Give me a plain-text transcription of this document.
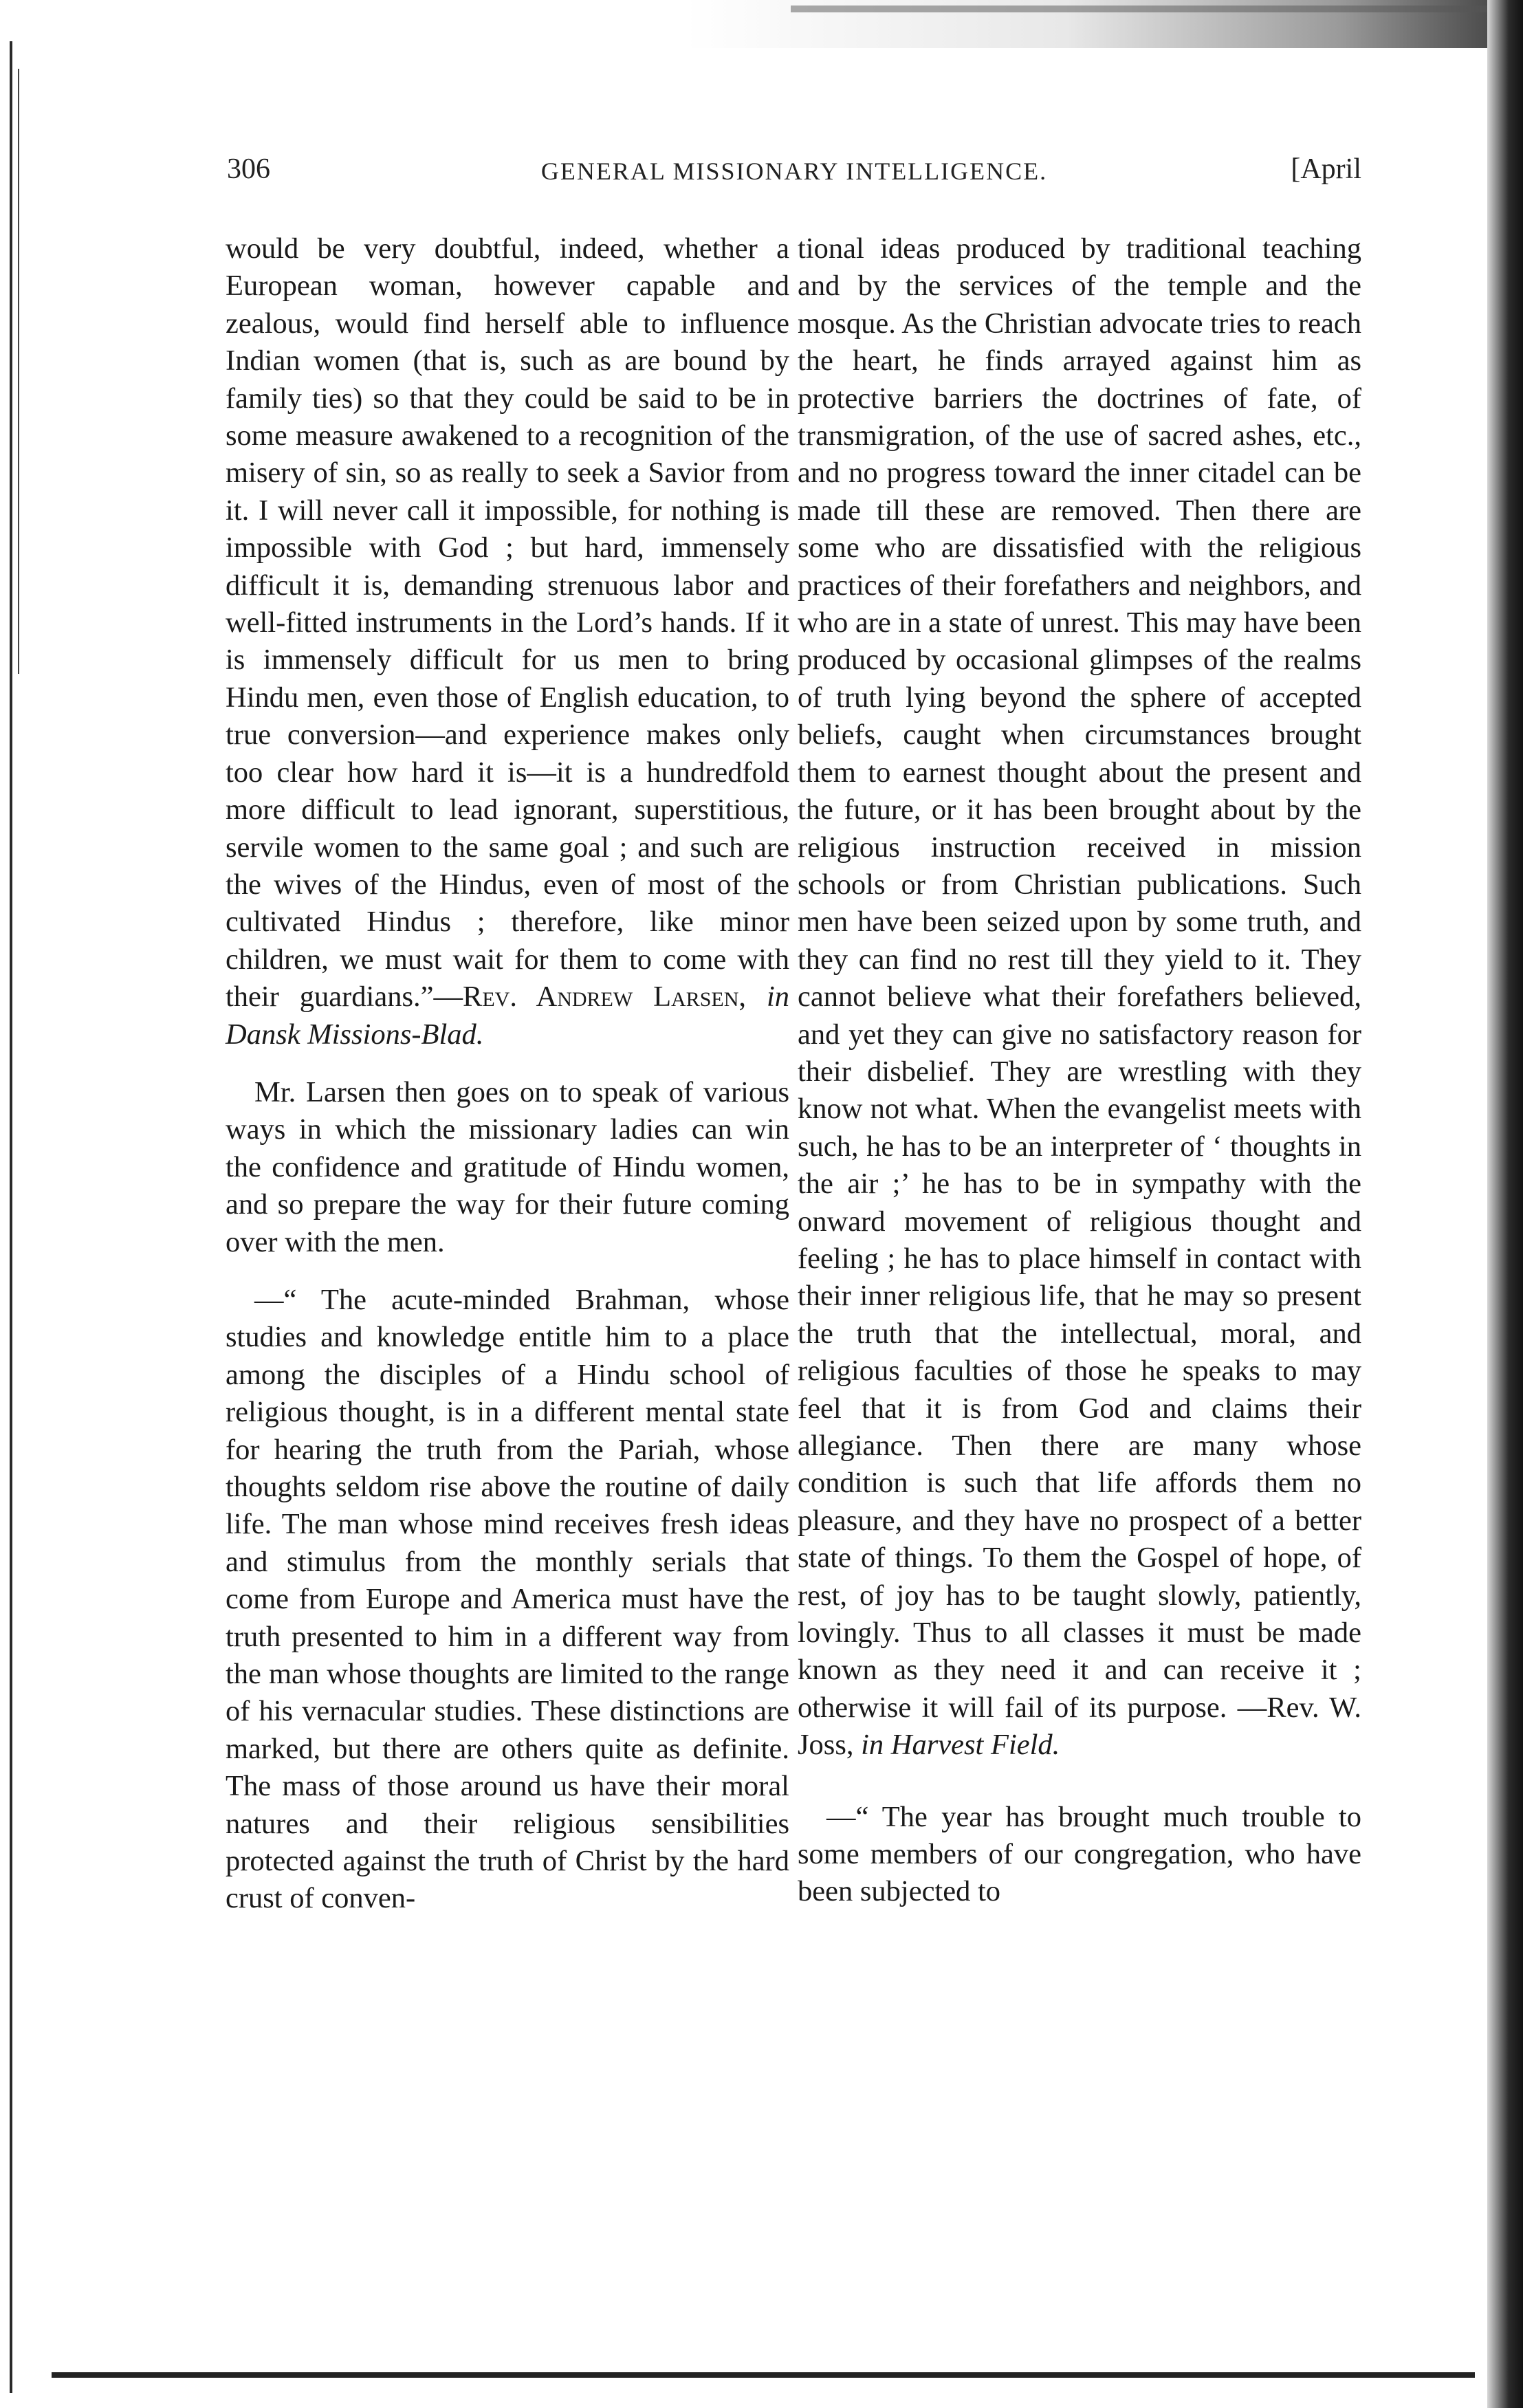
306	GENERAL MISSIONARY INTELLIGENCE.	[April

would be very doubtful, indeed, whether a European woman, however capable and zealous, would find herself able to influence Indian women (that is, such as are bound by family ties) so that they could be said to be in some measure awakened to a recognition of the misery of sin, so as really to seek a Savior from it. I will never call it impossible, for nothing is impossible with God ; but hard, immensely difficult it is, demanding strenuous labor and well-fitted instruments in the Lord’s hands. If it is immensely difficult for us men to bring Hindu men, even those of English education, to true conversion—and experience makes only too clear how hard it is—it is a hundredfold more difficult to lead ignorant, superstitious, servile women to the same goal ; and such are the wives of the Hindus, even of most of the cultivated Hindus ; therefore, like minor children, we must wait for them to come with their guardians.”—Rev. Andrew Larsen, in Dansk Missions-Blad.

Mr. Larsen then goes on to speak of various ways in which the missionary ladies can win the confidence and gratitude of Hindu women, and so prepare the way for their future coming over with the men.

—“ The acute-minded Brahman, whose studies and knowledge entitle him to a place among the disciples of a Hindu school of religious thought, is in a different mental state for hearing the truth from the Pariah, whose thoughts seldom rise above the routine of daily life. The man whose mind receives fresh ideas and stimulus from the monthly serials that come from Europe and America must have the truth presented to him in a different way from the man whose thoughts are limited to the range of his vernacular studies. These distinctions are marked, but there are others quite as definite. The mass of those around us have their moral natures and their religious sensibilities protected against the truth of Christ by the hard crust of conven-

tional ideas produced by traditional teaching and by the services of the temple and the mosque. As the Christian advocate tries to reach the heart, he finds arrayed against him as protective barriers the doctrines of fate, of transmigration, of the use of sacred ashes, etc., and no progress toward the inner citadel can be made till these are removed. Then there are some who are dissatisfied with the religious practices of their forefathers and neighbors, and who are in a state of unrest. This may have been produced by occasional glimpses of the realms of truth lying beyond the sphere of accepted beliefs, caught when circumstances brought them to earnest thought about the present and the future, or it has been brought about by the religious instruction received in mission schools or from Christian publications. Such men have been seized upon by some truth, and they can find no rest till they yield to it. They cannot believe what their forefathers believed, and yet they can give no satisfactory reason for their disbelief. They are wrestling with they know not what. When the evangelist meets with such, he has to be an interpreter of ‘ thoughts in the air ;’ he has to be in sympathy with the onward movement of religious thought and feeling ; he has to place himself in contact with their inner religious life, that he may so present the truth that the intellectual, moral, and religious faculties of those he speaks to may feel that it is from God and claims their allegiance. Then there are many whose condition is such that life affords them no pleasure, and they have no prospect of a better state of things. To them the Gospel of hope, of rest, of joy has to be taught slowly, patiently, lovingly. Thus to all classes it must be made known as they need it and can receive it ; otherwise it will fail of its purpose. —Rev. W. Joss, in Harvest Field.

—“ The year has brought much trouble to some members of our congregation, who have been subjected to
